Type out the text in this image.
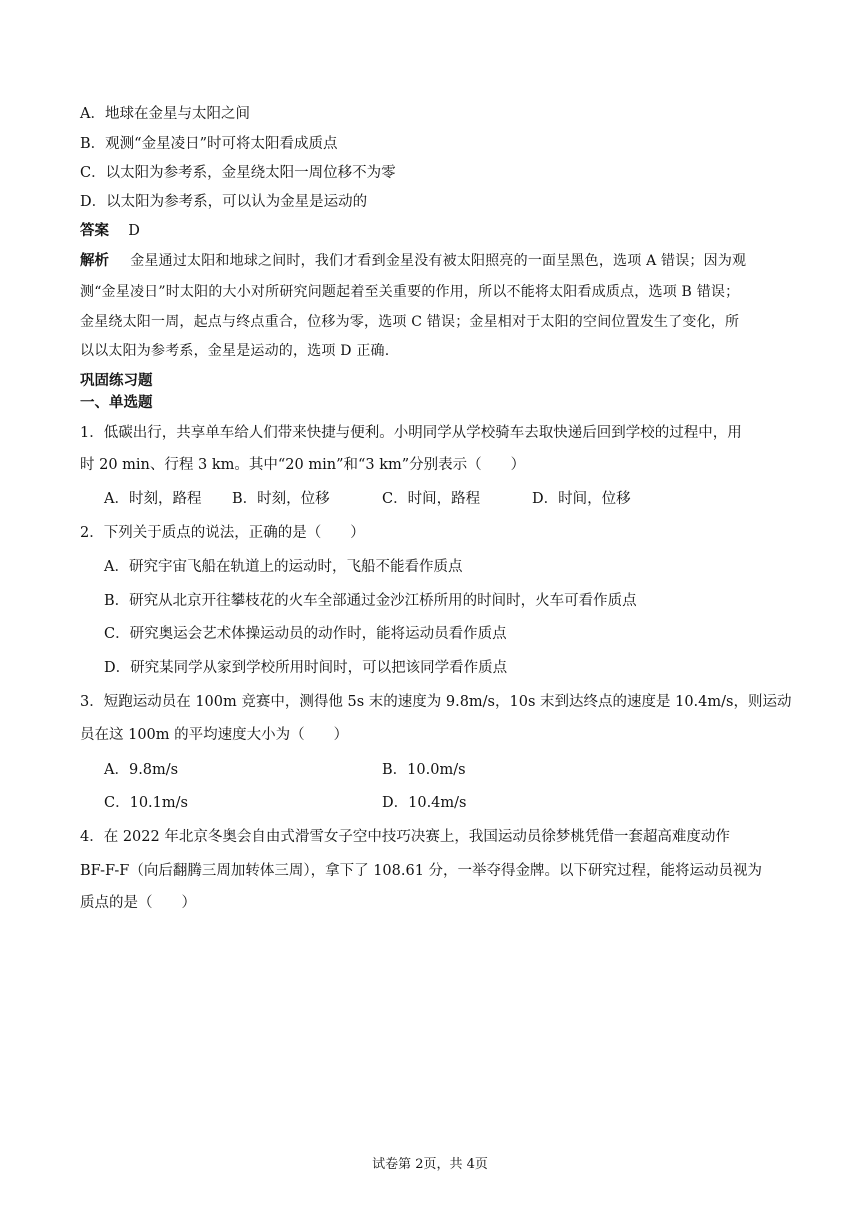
A．地球在金星与太阳之间
B．观测“金星凌日”时可将太阳看成质点
C．以太阳为参考系，金星绕太阳一周位移不为零
D．以太阳为参考系，可以认为金星是运动的
答案 D
解析 金星通过太阳和地球之间时，我们才看到金星没有被太阳照亮的一面呈黑色，选项 A 错误；因为观
测“金星凌日”时太阳的大小对所研究问题起着至关重要的作用，所以不能将太阳看成质点，选项 B 错误；
金星绕太阳一周，起点与终点重合，位移为零，选项 C 错误；金星相对于太阳的空间位置发生了变化，所
以以太阳为参考系，金星是运动的，选项 D 正确.
巩固练习题
一、单选题
1．低碳出行，共享单车给人们带来快捷与便利。小明同学从学校骑车去取快递后回到学校的过程中，用
时 20 min、行程 3 km。其中“20 min”和“3 km”分别表示（　　）
A．时刻，路程 B．时刻，位移	C．时间，路程	D．时间，位移
2．下列关于质点的说法，正确的是（　　）
A．研究宇宙飞船在轨道上的运动时，飞船不能看作质点
B．研究从北京开往攀枝花的火车全部通过金沙江桥所用的时间时，火车可看作质点
C．研究奥运会艺术体操运动员的动作时，能将运动员看作质点
D．研究某同学从家到学校所用时间时，可以把该同学看作质点
3．短跑运动员在 100m 竞赛中，测得他 5s 末的速度为 9.8m/s，10s 末到达终点的速度是 10.4m/s，则运动
员在这 100m 的平均速度大小为（　　）
A．9.8m/s	B．10.0m/s
C．10.1m/s	D．10.4m/s
4．在 2022 年北京冬奥会自由式滑雪女子空中技巧决赛上，我国运动员徐梦桃凭借一套超高难度动作
BF-F-F（向后翻腾三周加转体三周），拿下了 108.61 分，一举夺得金牌。以下研究过程，能将运动员视为
质点的是（　　）
试卷第 2页，共 4页
